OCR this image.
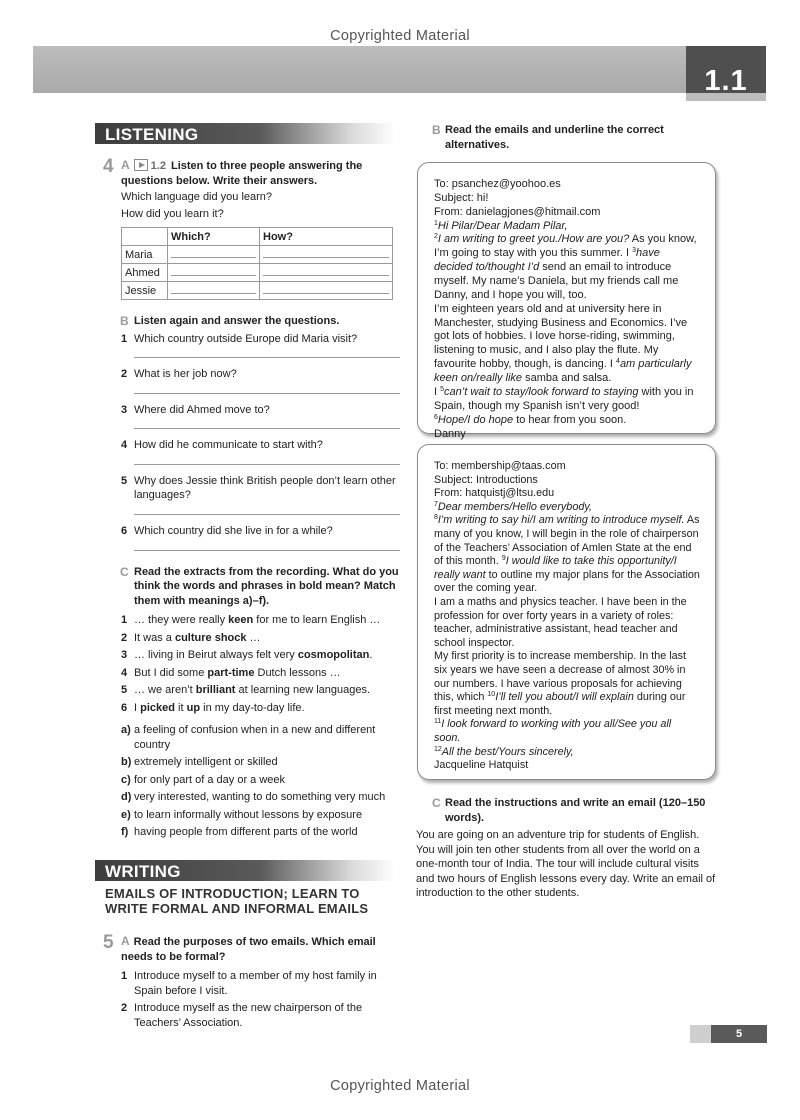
Copyrighted Material
1.1
LISTENING
4 A 1.2 Listen to three people answering the questions below. Write their answers.
Which language did you learn?
How did you learn it?
	Which?	How?
Maria		
Ahmed		
Jessie		
B Listen again and answer the questions.
1 Which country outside Europe did Maria visit?
2 What is her job now?
3 Where did Ahmed move to?
4 How did he communicate to start with?
5 Why does Jessie think British people don’t learn other languages?
6 Which country did she live in for a while?
C Read the extracts from the recording. What do you think the words and phrases in bold mean? Match them with meanings a)–f).
1 … they were really keen for me to learn English …
2 It was a culture shock …
3 … living in Beirut always felt very cosmopolitan.
4 But I did some part-time Dutch lessons …
5 … we aren’t brilliant at learning new languages.
6 I picked it up in my day-to-day life.
a) a feeling of confusion when in a new and different country
b) extremely intelligent or skilled
c) for only part of a day or a week
d) very interested, wanting to do something very much
e) to learn informally without lessons by exposure
f) having people from different parts of the world
WRITING
EMAILS OF INTRODUCTION; LEARN TO
WRITE FORMAL AND INFORMAL EMAILS
5 A Read the purposes of two emails. Which email needs to be formal?
1 Introduce myself to a member of my host family in Spain before I visit.
2 Introduce myself as the new chairperson of the Teachers’ Association.
B Read the emails and underline the correct alternatives.

To: psanchez@yoohoo.es

Subject: hi!

From: danielagjones@hitmail.com

$^1$Hi Pilar/Dear Madam Pilar,

$^2$I am writing to greet you./How are you? As you know, I’m going to stay with you this summer. I $^3$have decided to/thought I’d send an email to introduce myself. My name’s Daniela, but my friends call me Danny, and I hope you will, too.

I’m eighteen years old and at university here in Manchester, studying Business and Economics. I’ve got lots of hobbies. I love horse-riding, swimming, listening to music, and I also play the flute. My favourite hobby, though, is dancing. I $^4$am particularly keen on/really like samba and salsa.

I $^5$can’t wait to stay/look forward to staying with you in Spain, though my Spanish isn’t very good!

$^6$Hope/I do hope to hear from you soon.

Danny

To: membership@taas.com

Subject: Introductions

From: hatquistj@ltsu.edu

$^7$Dear members/Hello everybody,

$^8$I’m writing to say hi/I am writing to introduce myself. As many of you know, I will begin in the role of chairperson of the Teachers’ Association of Amlen State at the end of this month. $^9$I would like to take this opportunity/I really want to outline my major plans for the Association over the coming year.

I am a maths and physics teacher. I have been in the profession for over forty years in a variety of roles: teacher, administrative assistant, head teacher and school inspector.

My first priority is to increase membership. In the last six years we have seen a decrease of almost 30% in our numbers. I have various proposals for achieving this, which $^{10}$I’ll tell you about/I will explain during our first meeting next month.

$^{11}$I look forward to working with you all/See you all soon.

$^{12}$All the best/Yours sincerely,

Jacqueline Hatquist

C Read the instructions and write an email (120–150 words).
You are going on an adventure trip for students of English. You will join ten other students from all over the world on a one-month tour of India. The tour will include cultural visits and two hours of English lessons every day. Write an email of introduction to the other students.
5
Copyrighted Material
